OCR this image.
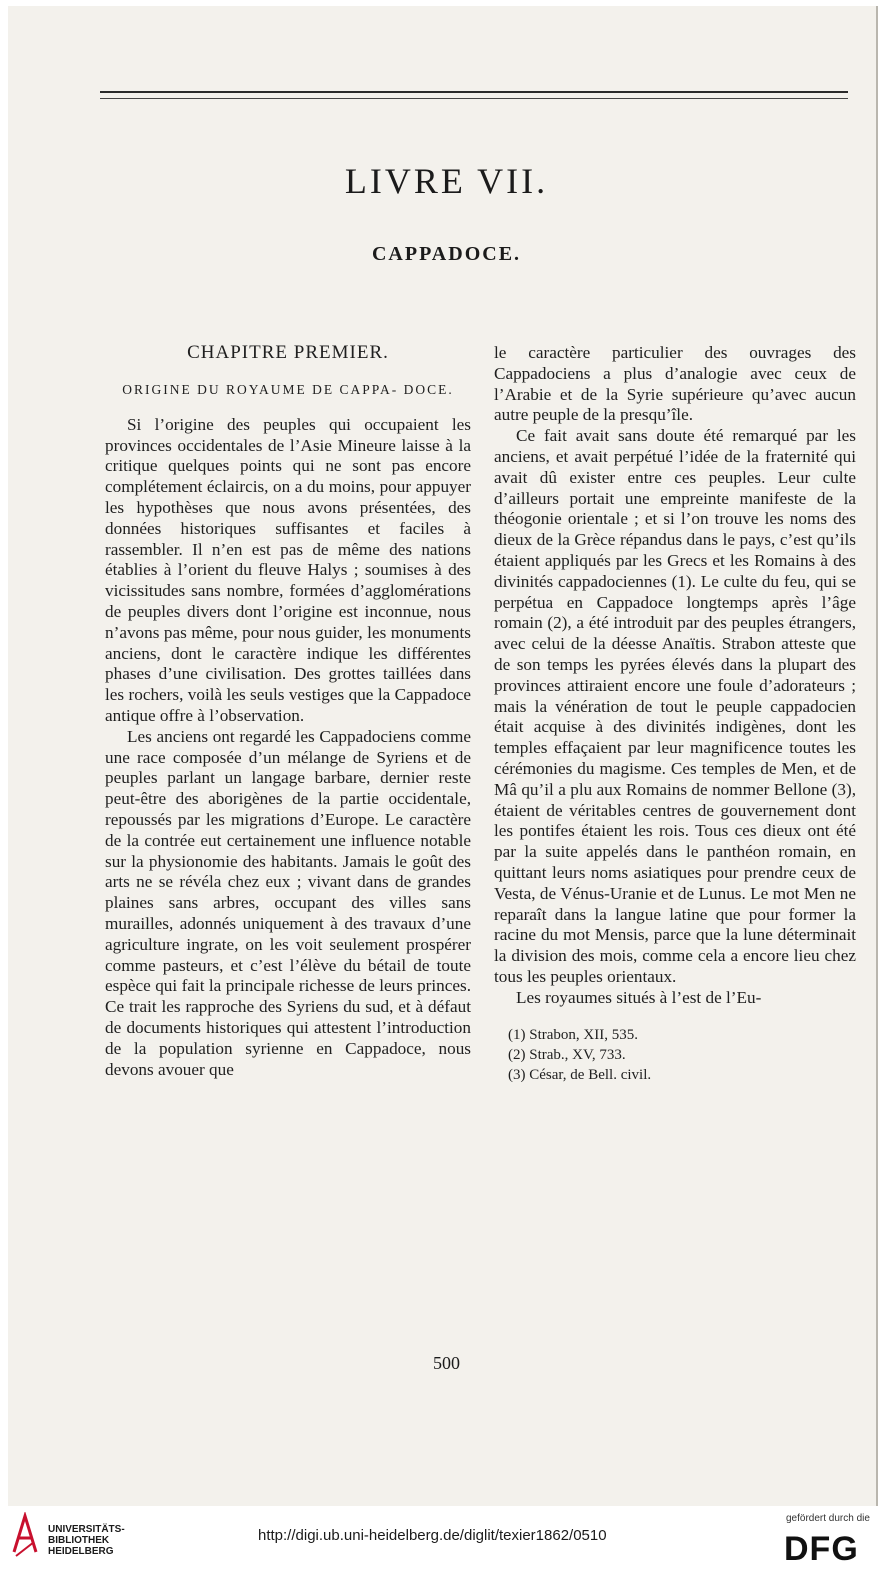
LIVRE VII.
CAPPADOCE.
CHAPITRE PREMIER.
ORIGINE DU ROYAUME DE CAPPA- DOCE.

Si l’origine des peuples qui occupaient les provinces occidentales de l’Asie Mineure laisse à la critique quelques points qui ne sont pas encore complétement éclaircis, on a du moins, pour appuyer les hypothèses que nous avons présentées, des données historiques suffisantes et faciles à rassembler. Il n’en est pas de même des nations établies à l’orient du fleuve Halys ; soumises à des vicissitudes sans nombre, formées d’agglomérations de peuples divers dont l’origine est inconnue, nous n’avons pas même, pour nous guider, les monuments anciens, dont le caractère indique les différentes phases d’une civilisation. Des grottes taillées dans les rochers, voilà les seuls vestiges que la Cappadoce antique offre à l’observation.

Les anciens ont regardé les Cappadociens comme une race composée d’un mélange de Syriens et de peuples parlant un langage barbare, dernier reste peut-être des aborigènes de la partie occidentale, repoussés par les migrations d’Europe. Le caractère de la contrée eut certainement une influence notable sur la physionomie des habitants. Jamais le goût des arts ne se révéla chez eux ; vivant dans de grandes plaines sans arbres, occupant des villes sans murailles, adonnés uniquement à des travaux d’une agriculture ingrate, on les voit seulement prospérer comme pasteurs, et c’est l’élève du bétail de toute espèce qui fait la principale richesse de leurs princes. Ce trait les rapproche des Syriens du sud, et à défaut de documents historiques qui attestent l’introduction de la population syrienne en Cappadoce, nous devons avouer que

le caractère particulier des ouvrages des Cappadociens a plus d’analogie avec ceux de l’Arabie et de la Syrie supérieure qu’avec aucun autre peuple de la presqu’île.

Ce fait avait sans doute été remarqué par les anciens, et avait perpétué l’idée de la fraternité qui avait dû exister entre ces peuples. Leur culte d’ailleurs portait une empreinte manifeste de la théogonie orientale ; et si l’on trouve les noms des dieux de la Grèce répandus dans le pays, c’est qu’ils étaient appliqués par les Grecs et les Romains à des divinités cappadociennes (1). Le culte du feu, qui se perpétua en Cappadoce longtemps après l’âge romain (2), a été introduit par des peuples étrangers, avec celui de la déesse Anaïtis. Strabon atteste que de son temps les pyrées élevés dans la plupart des provinces attiraient encore une foule d’adorateurs ; mais la vénération de tout le peuple cappadocien était acquise à des divinités indigènes, dont les temples effaçaient par leur magnificence toutes les cérémonies du magisme. Ces temples de Men, et de Mâ qu’il a plu aux Romains de nommer Bellone (3), étaient de véritables centres de gouvernement dont les pontifes étaient les rois. Tous ces dieux ont été par la suite appelés dans le panthéon romain, en quittant leurs noms asiatiques pour prendre ceux de Vesta, de Vénus-Uranie et de Lunus. Le mot Men ne reparaît dans la langue latine que pour former la racine du mot Mensis, parce que la lune déterminait la division des mois, comme cela a encore lieu chez tous les peuples orientaux.

Les royaumes situés à l’est de l’Eu-

(1) Strabon, XII, 535.
(2) Strab., XV, 733.
(3) César, de Bell. civil.
500
UNIVERSITÄTS-
BIBLIOTHEK
HEIDELBERG
http://digi.ub.uni-heidelberg.de/diglit/texier1862/0510
gefördert durch die
DFG
